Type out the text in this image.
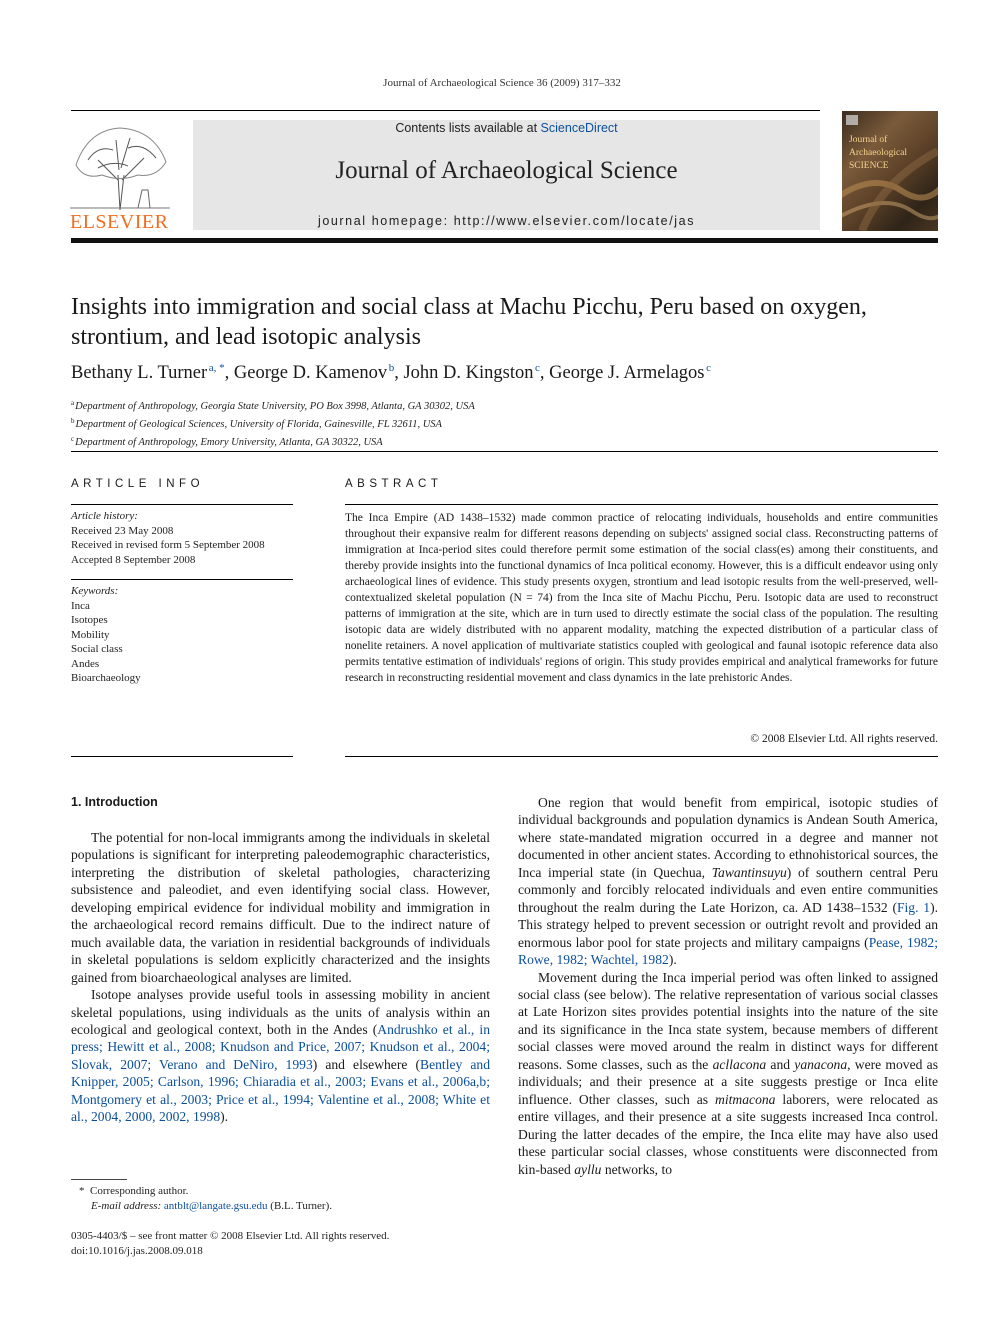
Journal of Archaeological Science 36 (2009) 317–332
ELSEVIER
Contents lists available at ScienceDirect
Journal of Archaeological Science
journal homepage: http://www.elsevier.com/locate/jas
Journal of Archaeological SCIENCE
Insights into immigration and social class at Machu Picchu, Peru based on oxygen, strontium, and lead isotopic analysis
Bethany L. Turner  $^{a, *}$, George D. Kamenov  $^b$, John D. Kingston  $^c$, George J. Armelagos  $^c$
$^a$Department of Anthropology, Georgia State University, PO Box 3998, Atlanta, GA 30302, USA
$^b$Department of Geological Sciences, University of Florida, Gainesville, FL 32611, USA
$^c$Department of Anthropology, Emory University, Atlanta, GA 30322, USA
ARTICLE INFO
Article history:
Received 23 May 2008
Received in revised form 5 September 2008
Accepted 8 September 2008
Keywords:
Inca
Isotopes
Mobility
Social class
Andes
Bioarchaeology
ABSTRACT
The Inca Empire (AD 1438–1532) made common practice of relocating individuals, households and entire communities throughout their expansive realm for different reasons depending on subjects' assigned social class. Reconstructing patterns of immigration at Inca-period sites could therefore permit some estimation of the social class(es) among their constituents, and thereby provide insights into the functional dynamics of Inca political economy. However, this is a difficult endeavor using only archaeological lines of evidence. This study presents oxygen, strontium and lead isotopic results from the well-preserved, well-contextualized skeletal population (N = 74) from the Inca site of Machu Picchu, Peru. Isotopic data are used to reconstruct patterns of immigration at the site, which are in turn used to directly estimate the social class of the population. The resulting isotopic data are widely distributed with no apparent modality, matching the expected distribution of a particular class of nonelite retainers. A novel application of multivariate statistics coupled with geological and faunal isotopic reference data also permits tentative estimation of individuals' regions of origin. This study provides empirical and analytical frameworks for future research in reconstructing residential movement and class dynamics in the late prehistoric Andes.
© 2008 Elsevier Ltd. All rights reserved.
1. Introduction

The potential for non-local immigrants among the individuals in skeletal populations is significant for interpreting paleodemographic characteristics, interpreting the distribution of skeletal pathologies, characterizing subsistence and paleodiet, and even identifying social class. However, developing empirical evidence for individual mobility and immigration in the archaeological record remains difficult. Due to the indirect nature of much available data, the variation in residential backgrounds of individuals in skeletal populations is seldom explicitly characterized and the insights gained from bioarchaeological analyses are limited.

Isotope analyses provide useful tools in assessing mobility in ancient skeletal populations, using individuals as the units of analysis within an ecological and geological context, both in the Andes (Andrushko et al., in press; Hewitt et al., 2008; Knudson and Price, 2007; Knudson et al., 2004; Slovak, 2007; Verano and DeNiro, 1993) and elsewhere (Bentley and Knipper, 2005; Carlson, 1996; Chiaradia et al., 2003; Evans et al., 2006a,b; Montgomery et al., 2003; Price et al., 1994; Valentine et al., 2008; White et al., 2004, 2000, 2002, 1998).

One region that would benefit from empirical, isotopic studies of individual backgrounds and population dynamics is Andean South America, where state-mandated migration occurred in a degree and manner not documented in other ancient states. According to ethnohistorical sources, the Inca imperial state (in Quechua, Tawantinsuyu) of southern central Peru commonly and forcibly relocated individuals and even entire communities throughout the realm during the Late Horizon, ca. AD 1438–1532 (Fig. 1). This strategy helped to prevent secession or outright revolt and provided an enormous labor pool for state projects and military campaigns (Pease, 1982; Rowe, 1982; Wachtel, 1982).

Movement during the Inca imperial period was often linked to assigned social class (see below). The relative representation of various social classes at Late Horizon sites provides potential insights into the nature of the site and its significance in the Inca state system, because members of different social classes were moved around the realm in distinct ways for different reasons. Some classes, such as the acllacona and yanacona, were moved as individuals; and their presence at a site suggests prestige or Inca elite influence. Other classes, such as mitmacona laborers, were relocated as entire villages, and their presence at a site suggests increased Inca control. During the latter decades of the empire, the Inca elite may have also used these particular social classes, whose constituents were disconnected from kin-based ayllu networks, to

* Corresponding author.
E-mail address: antblt@langate.gsu.edu (B.L. Turner).
0305-4403/$ – see front matter © 2008 Elsevier Ltd. All rights reserved.
doi:10.1016/j.jas.2008.09.018
